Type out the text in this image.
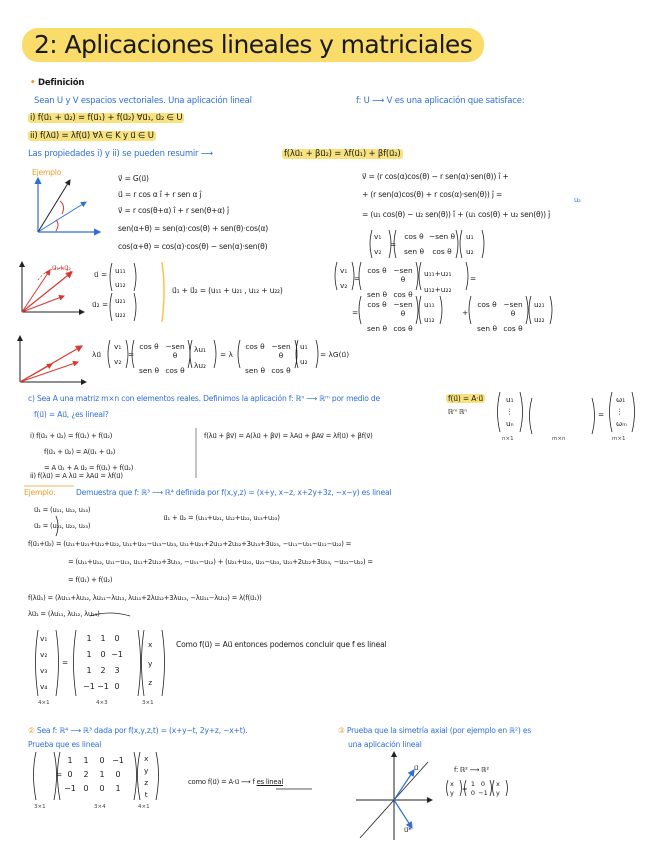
2: Aplicaciones lineales y matriciales
• Definición
Sean U y V espacios vectoriales. Una aplicación lineal	f: U ⟶ V es una aplicación que satisface:
i) f(u⃗₁ + u⃗₂) = f(u⃗₁) + f(u⃗₂) ∀u⃗₁, u⃗₂ ∈ U
ii) f(λu⃗) = λf(u⃗) ∀λ ∈ K y u⃗ ∈ U
Las propiedades i) y ii) se pueden resumir ⟶	f(λu⃗₁ + βu⃗₂) = λf(u⃗₁) + βf(u⃗₂)
Ejemplo
v⃗ = G(u⃗)
u⃗ = r cos α î + r sen α ĵ
v⃗ = r cos(θ+α) î + r sen(θ+α) ĵ
sen(α+θ) = sen(α)·cos(θ) + sen(θ)·cos(α)
cos(α+θ) = cos(α)·cos(θ) − sen(α)·sen(θ)
v⃗ = (r cos(α)cos(θ) − r sen(α)·sen(θ)) î +
+ (r sen(α)cos(θ) + r cos(α)·sen(θ)) ĵ =
u₂
= (u₁ cos(θ) − u₂ sen(θ)) î + (u₁ cos(θ) + u₂ sen(θ)) ĵ
v₁
v₂
=
cos θ −sen θ
sen θ	cos θ
u₁
u₂
u⃗₁+u⃗₂
u⃗ = u₁₁
u₁₂
u⃗₂ = u₂₁
u₂₂
u⃗₁ + u⃗₂ = (u₁₁ + u₂₁ , u₁₂ + u₂₂)
v₁
v₂
=
cos θ −sen θ
sen θ cos θ
u₁₁+u₂₁
u₁₂+u₂₂
=
=
cos θ −sen θ
sen θ cos θ
u₁₁
u₁₂
+
cos θ −sen θ
sen θ cos θ
u₂₁
u₂₂
λu⃗
v₁
v₂
=
cos θ −sen θ
sen θ cos θ
λu₁
λu₂
= λ
cos θ −sen θ
sen θ cos θ
u₁
u₂
= λG(u⃗)
c) Sea A una matriz m×n con elementos reales. Definimos la aplicación f: ℝⁿ ⟶ ℝᵐ por medio de
f(u⃗) = Au⃗, ¿es lineal?
f(u⃗) = A·u⃗
ℝᵐ ℝⁿ
u₁
⋮
uₙ
=
ω₁
⋮
ωₘ
n×1	m×n	m×1
i) f(u⃗₁ + u⃗₂) = f(u⃗₁) + f(u⃗₂)
f(u⃗₁ + u⃗₂) = A(u⃗₁ + u⃗₂)
= A u⃗₁ + A u⃗₂ = f(u⃗₁) + f(u⃗₂)
ii) f(λu⃗) = A λu⃗ = λAu⃗ = λf(u⃗)
f(λu⃗ + βv⃗) = A(λu⃗ + βv⃗) = λAu⃗ + βAv⃗ = λf(u⃗) + βf(v⃗)
Ejemplo:	Demuestra que f: ℝ³ ⟶ ℝ⁴ definida por f(x,y,z) = (x+y, x−z, x+2y+3z, −x−y) es lineal
u⃗₁ = (u₁₁, u₁₂, u₁₃)
u⃗₂ = (u₂₁, u₂₂, u₂₃)
u⃗₁ + u⃗₂ = (u₁₁+u₂₁, u₁₂+u₂₂, u₁₃+u₂₃)
f(u⃗₁+u⃗₂) = (u₁₁+u₂₁+u₁₂+u₂₂, u₁₁+u₂₁−u₁₃−u₂₃, u₁₁+u₂₁+2u₁₂+2u₂₂+3u₁₃+3u₂₃, −u₁₁−u₂₁−u₁₂−u₂₂) =
= (u₁₁+u₁₂, u₁₁−u₁₃, u₁₁+2u₁₂+3u₁₃, −u₁₁−u₁₂) + (u₂₁+u₂₂, u₂₁−u₂₃, u₂₁+2u₂₂+3u₂₃, −u₂₁−u₂₂) =
= f(u⃗₁) + f(u⃗₂)
f(λu⃗₁) = (λu₁₁+λu₁₂, λu₁₁−λu₁₃, λu₁₁+2λu₁₂+3λu₁₃, −λu₁₁−λu₁₂) = λ(f(u⃗₁))
λu⃗₁ = (λu₁₁, λu₁₂, λu₁₃)
v₁
v₂
v₃
v₄
=
1	1	0
1	0 −1
1	2	3
−1 −1 0
x
y
z
4×1	4×3	3×1
Como f(u⃗) = Au⃗ entonces podemos concluir que f es lineal
② Sea f: ℝ⁴ ⟶ ℝ³ dada por f(x,y,z,t) = (x+y−t, 2y+z, −x+t).
Prueba que es lineal
1	1	0 −1
0	2	1	0
−1 0	0	1
=
x
y
z
t
3×1	3×4	4×1
como f(u⃗) = A·u⃗ ⟶ f es lineal
③ Prueba que la simetría axial (por ejemplo en ℝ²) es
una aplicación lineal
u⃗	f: ℝ² ⟶ ℝ²
x
y =
1 0
0 −1
x
y
u⃗*
